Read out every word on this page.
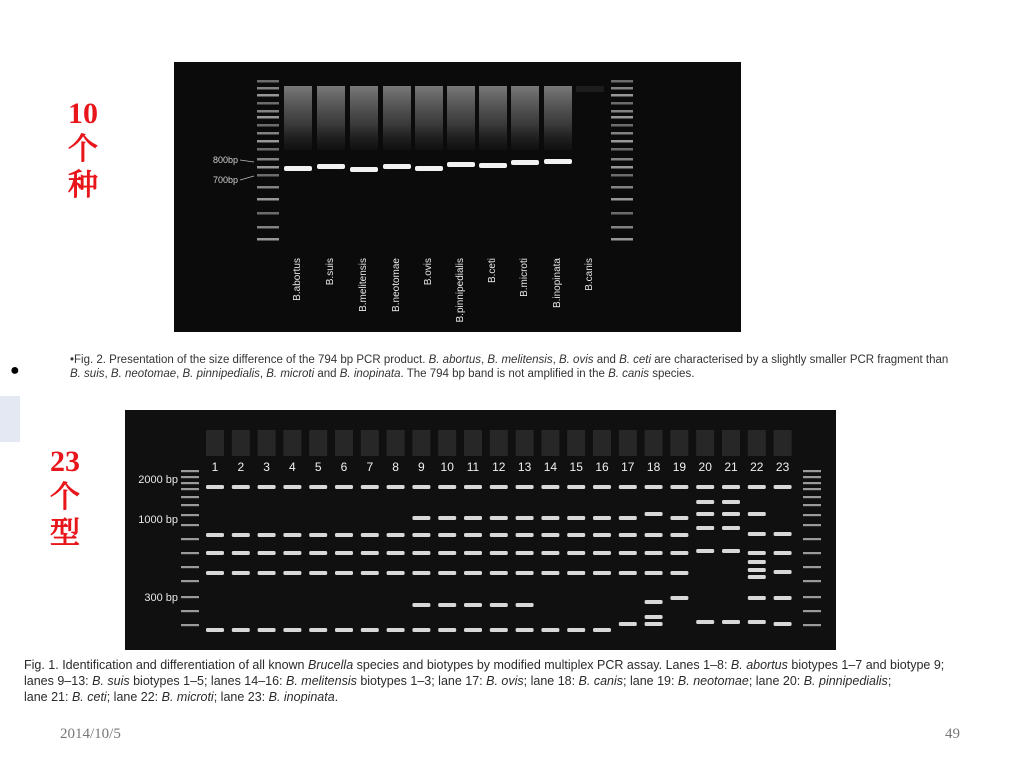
10
个
种
23
个
型
●
800bp
700bp
B.abortus B.suis B.melitensis B.neotomae B.ovis B.pinnipedialis B.ceti B.microti B.inopinata B.canis
•Fig. 2. Presentation of the size difference of the 794 bp PCR product. B. abortus, B. melitensis, B. ovis and B. ceti are characterised by a slightly smaller PCR fragment than
B. suis, B. neotomae, B. pinnipedialis, B. microti and B. inopinata. The 794 bp band is not amplified in the B. canis species.
2000 bp
1000 bp
300 bp
1 2 3 4 5 6 7 8 9 10 11 12 13 14 15 16 17 18 19 20 21 22 23
Fig. 1. Identification and differentiation of all known Brucella species and biotypes by modified multiplex PCR assay. Lanes 1–8: B. abortus biotypes 1–7 and biotype 9;
lanes 9–13: B. suis biotypes 1–5; lanes 14–16: B. melitensis biotypes 1–3; lane 17: B. ovis; lane 18: B. canis; lane 19: B. neotomae; lane 20: B. pinnipedialis;
lane 21: B. ceti; lane 22: B. microti; lane 23: B. inopinata.
2014/10/5	49
